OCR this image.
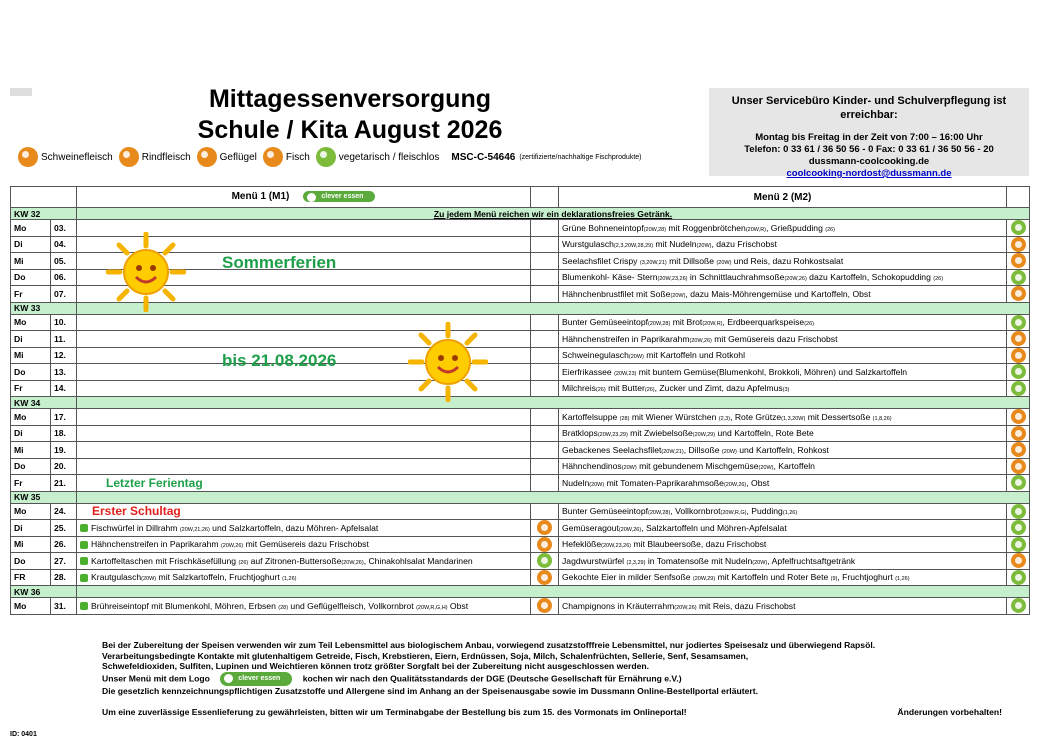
Mittagessenversorgung
Schule / Kita August 2026
Schweinefleisch	Rindfleisch	Geflügel	Fisch	vegetarisch / fleischlos MSC-C-54646 (zertifizierte/nachhaltige Fischprodukte)
Unser Servicebüro Kinder- und Schulverpflegung ist erreichbar:
Montag bis Freitag in der Zeit von 7:00 – 16:00 Uhr
Telefon: 0 33 61 / 36 50 56 - 0 Fax: 0 33 61 / 36 50 56 - 20
dussmann-coolcooking.de
coolcooking-nordost@dussmann.de
		Menü 1 (M1) clever essen		Menü 2 (M2)	
KW 32		Zu jedem Menü reichen wir ein deklarationsfreies Getränk.			
Mo	03.			Grüne Bohneneintopf(20W,28) mit Roggenbrötchen(20W,R), Grießpudding (26)	
Di	04.			Wurstgulasch(2,3,20W,28,29) mit Nudeln(20W), dazu Frischobst	
Mi	05.			Seelachsfilet Crispy (3,20W,21) mit Dillsoße (20W) und Reis, dazu Rohkostsalat	
Do	06.			Blumenkohl- Käse- Stern(20W,23,26) in Schnittlauchrahmsoße(20W,26) dazu Kartoffeln, Schokopudding (26)	
Fr	07.			Hähnchenbrustfilet mit Soße(20W), dazu Mais-Möhrengemüse und Kartoffeln, Obst	
KW 33					
Mo	10.			Bunter Gemüseeintopf(20W,28) mit Brot(20W,R), Erdbeerquarkspeise(26)	
Di	11.			Hähnchenstreifen in Paprikarahm(20W,26) mit Gemüsereis dazu Frischobst	
Mi	12.			Schweinegulasch(20W) mit Kartoffeln und Rotkohl	
Do	13.			Eierfrikassee (20W,23) mit buntem Gemüse(Blumenkohl, Brokkoli, Möhren) und Salzkartoffeln	
Fr	14.			Milchreis(26) mit Butter(26), Zucker und Zimt, dazu Apfelmus(3)	
KW 34					
Mo	17.			Kartoffelsuppe (28) mit Wiener Würstchen (2,3), Rote Grütze(1,3,20W) mit Dessertsoße (1,8,26)	
Di	18.			Bratklops(20W,23,29) mit Zwiebelsoße(20W,29) und Kartoffeln, Rote Bete	
Mi	19.			Gebackenes Seelachsfilet(20W,21), Dillsoße (20W) und Kartoffeln, Rohkost	
Do	20.			Hähnchendinos(20W) mit gebundenem Mischgemüse(20W), Kartoffeln	
Fr	21.	Letzter Ferientag		Nudeln(20W) mit Tomaten-Paprikarahmsoße(20W,26), Obst	
KW 35					
Mo	24.	Erster Schultag		Bunter Gemüseeintopf(20W,28), Vollkornbrot(20W,R,G), Pudding(1,26)	
Di	25.	Fischwürfel in Dillrahm (20W,21,26) und Salzkartoffeln, dazu Möhren- Apfelsalat		Gemüseragout(20W,26), Salzkartoffeln und Möhren-Apfelsalat	
Mi	26.	Hähnchenstreifen in Paprikarahm (20W,26) mit Gemüsereis dazu Frischobst		Hefeklöße(20W,23,26) mit Blaubeersoße, dazu Frischobst	
Do	27.	Kartoffeltaschen mit Frischkäsefüllung (26) auf Zitronen-Buttersoße(20W,26), Chinakohlsalat Mandarinen		Jagdwurstwürfel (2,3,29) in Tomatensoße mit Nudeln(20W), Apfelfruchtsaftgetränk	
FR	28.	Krautgulasch(20W) mit Salzkartoffeln, Fruchtjoghurt (1,26)		Gekochte Eier in milder Senfsoße (20W,29) mit Kartoffeln und Roter Bete (9), Fruchtjoghurt (1,26)	
KW 36					
Mo	31.	Brühreiseintopf mit Blumenkohl, Möhren, Erbsen (28) und Geflügelfleisch, Vollkornbrot (20W,R,G,H) Obst		Champignons in Kräuterrahm(20W,26) mit Reis, dazu Frischobst	
Sommerferien
bis 21.08.2026
Bei der Zubereitung der Speisen verwenden wir zum Teil Lebensmittel aus biologischem Anbau, vorwiegend zusatzstofffreie Lebensmittel, nur jodiertes Speisesalz und überwiegend Rapsöl.
Verarbeitungsbedingte Kontakte mit glutenhaltigem Getreide, Fisch, Krebstieren, Eiern, Erdnüssen, Soja, Milch, Schalenfrüchten, Sellerie, Senf, Sesamsamen,
Schwefeldioxiden, Sulfiten, Lupinen und Weichtieren können trotz größter Sorgfalt bei der Zubereitung nicht ausgeschlossen werden.
Unser Menü mit dem Logo	clever essen	kochen wir nach den Qualitätsstandards der DGE (Deutsche Gesellschaft für Ernährung e.V.)
Die gesetzlich kennzeichnungspflichtigen Zusatzstoffe und Allergene sind im Anhang an der Speisenausgabe sowie im Dussmann Online-Bestellportal erläutert.
Um eine zuverlässige Essenlieferung zu gewährleisten, bitten wir um Terminabgabe der Bestellung bis zum 15. des Vormonats im Onlineportal!	Änderungen vorbehalten!
ID: 0401
